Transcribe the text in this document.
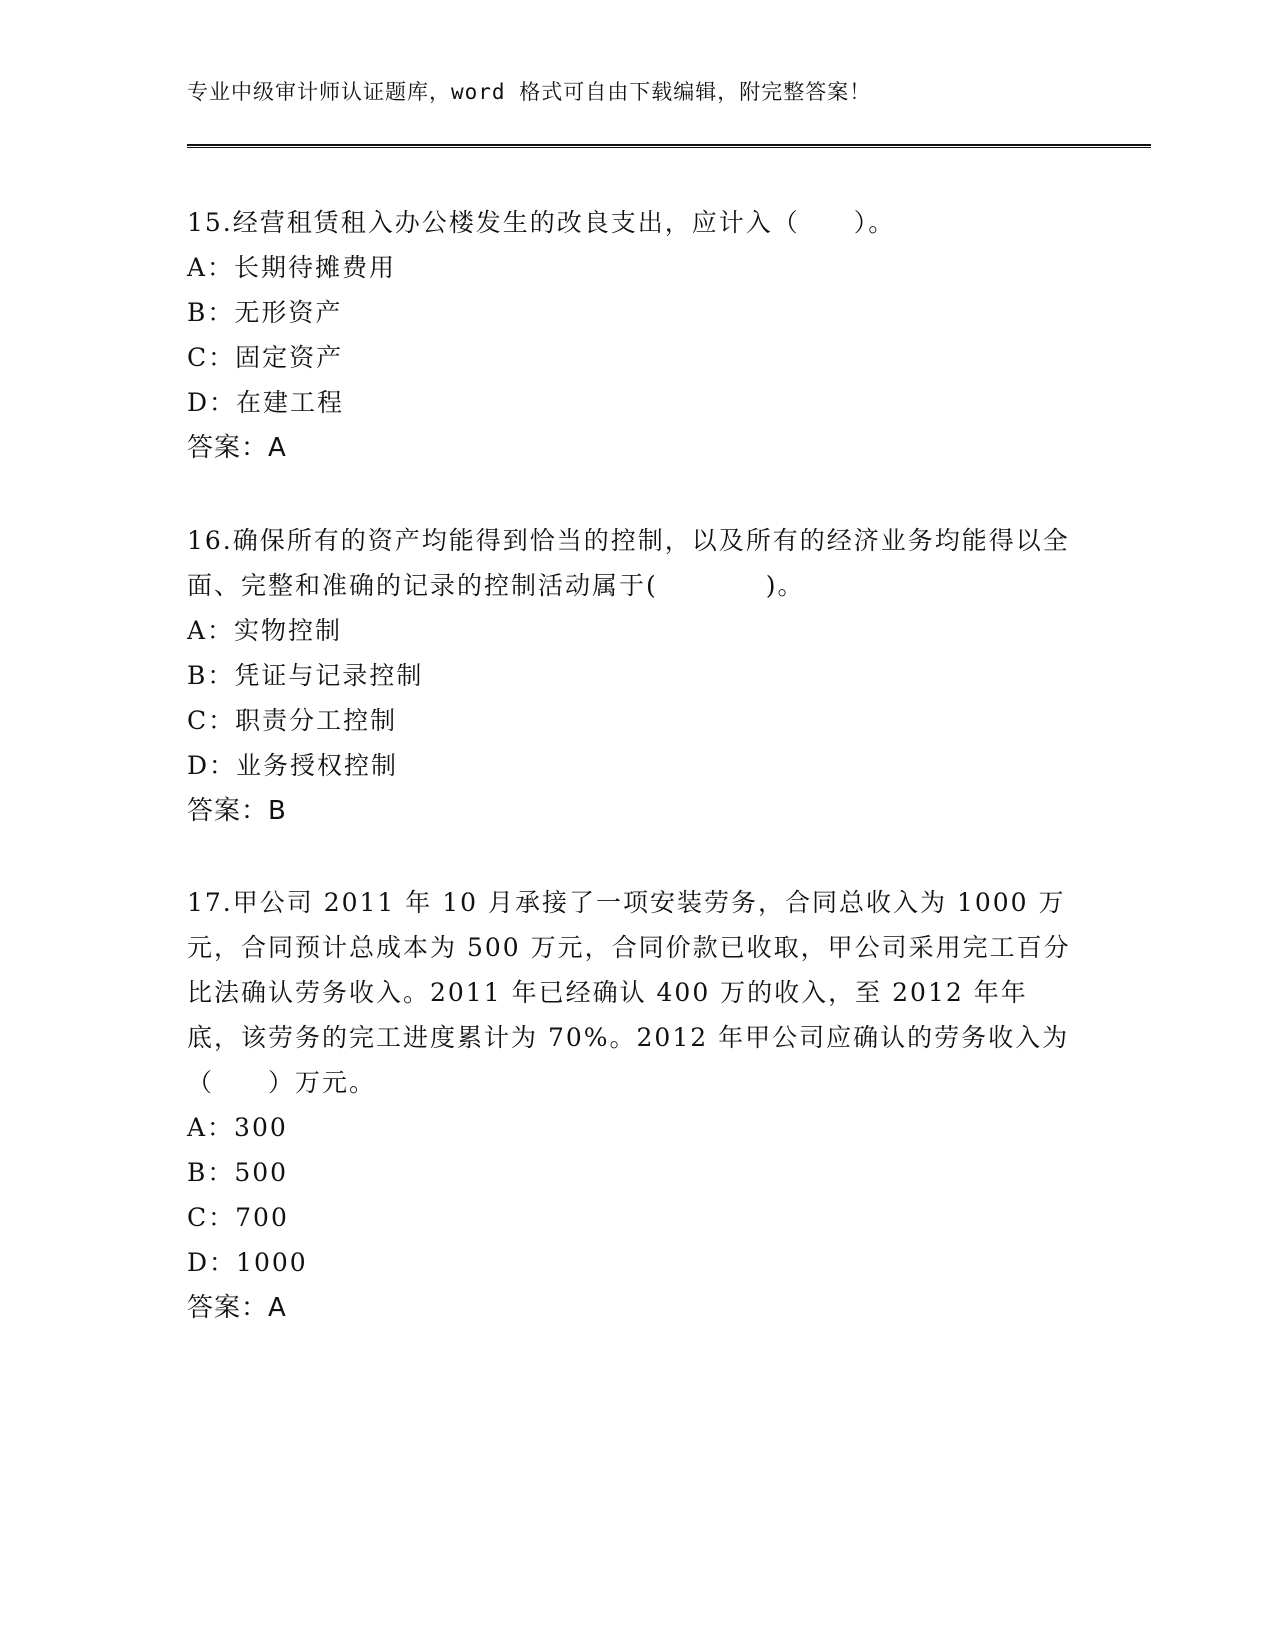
专业中级审计师认证题库，word 格式可自由下载编辑，附完整答案！

15.经营租赁租入办公楼发生的改良支出，应计入（　　）。

A：长期待摊费用

B：无形资产

C：固定资产

D：在建工程

答案：A

16.确保所有的资产均能得到恰当的控制，以及所有的经济业务均能得以全面、完整和准确的记录的控制活动属于(　　　　)。

A：实物控制

B：凭证与记录控制

C：职责分工控制

D：业务授权控制

答案：B

17.甲公司 2011 年 10 月承接了一项安装劳务，合同总收入为 1000 万元，合同预计总成本为 500 万元，合同价款已收取，甲公司采用完工百分比法确认劳务收入。2011 年已经确认 400 万的收入，至 2012 年年底，该劳务的完工进度累计为 70%。2012 年甲公司应确认的劳务收入为（　　）万元。

A：300

B：500

C：700

D：1000

答案：A
